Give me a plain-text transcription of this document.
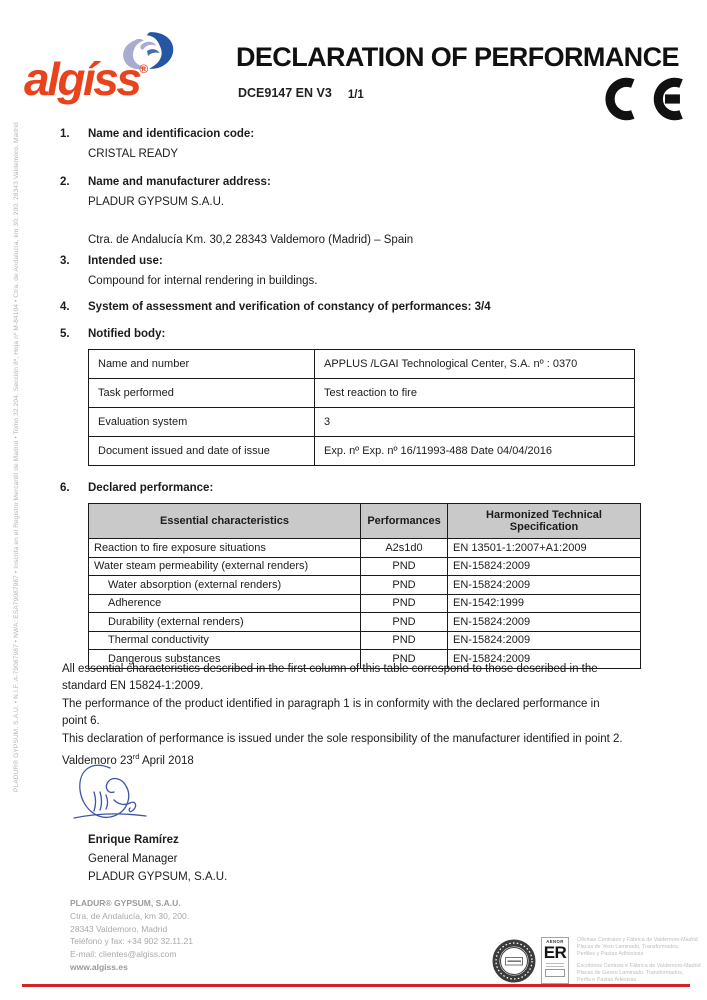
PLADUR® GYPSUM, S.A.U. • N.I.F. A-79087987 • NWA: ESA79087987 • Inscrita en el Registro Mercantil de Madrid • Tomo 32.204, Sección 8ª, Hoja nº M-84104 • Ctra. de Andalucía, km 30, 200. 28343 Valdemoro, Madrid
algíss®	DECLARATION OF PERFORMANCE
DCE9147 EN V3 1/1
1.	Name and identificacion code:
CRISTAL READY
2.	Name and manufacturer address:
PLADUR GYPSUM S.A.U.
Ctra. de Andalucía Km. 30,2 28343 Valdemoro (Madrid) – Spain
3.	Intended use:
Compound for internal rendering in buildings.
4.	System of assessment and verification of constancy of performances: 3/4
5.	Notified body:
Name and number	APPLUS /LGAI Technological Center, S.A. nº : 0370
Task performed	Test reaction to fire
Evaluation system	3
Document issued and date of issue	Exp. nº Exp. nº 16/11993-488 Date 04/04/2016
6.	Declared performance:
Essential characteristics	Performances	Harmonized Technical Specification
Reaction to fire exposure situations	A2s1d0	EN 13501-1:2007+A1:2009
Water steam permeability (external renders)	PND	EN-15824:2009
Water absorption (external renders)	PND	EN-15824:2009
Adherence	PND	EN-1542:1999
Durability (external renders)	PND	EN-15824:2009
Thermal conductivity	PND	EN-15824:2009
Dangerous substances	PND	EN-15824:2009
All essential characteristics described in the first column of this table correspond to those described in the
standard EN 15824-1:2009.
The performance of the product identified in paragraph 1 is in conformity with the declared performance in
point 6.
This declaration of performance is issued under the sole responsibility of the manufacturer identified in point 2.
Valdemoro 23rd April 2018
Enrique Ramírez
General Manager
PLADUR GYPSUM, S.A.U.
PLADUR® GYPSUM, S.A.U.
Ctra. de Andalucía, km 30, 200.
28343 Valdemoro, Madrid
Teléfono y fax: +34 902 32.11.21
E-mail: clientes@algiss.com
www.algiss.es
AENOR
ER
Oficinas Centrales y Fábrica de Valdemoro-Madrid
Placas de Yeso Laminado, Transformados,
Perfiles y Pastas Adhesivas
Escritórios Centrais e Fábrica de Valdemoro-Madrid
Placas de Gesso Laminado, Transformados,
Perfis e Pastas Adesivas
